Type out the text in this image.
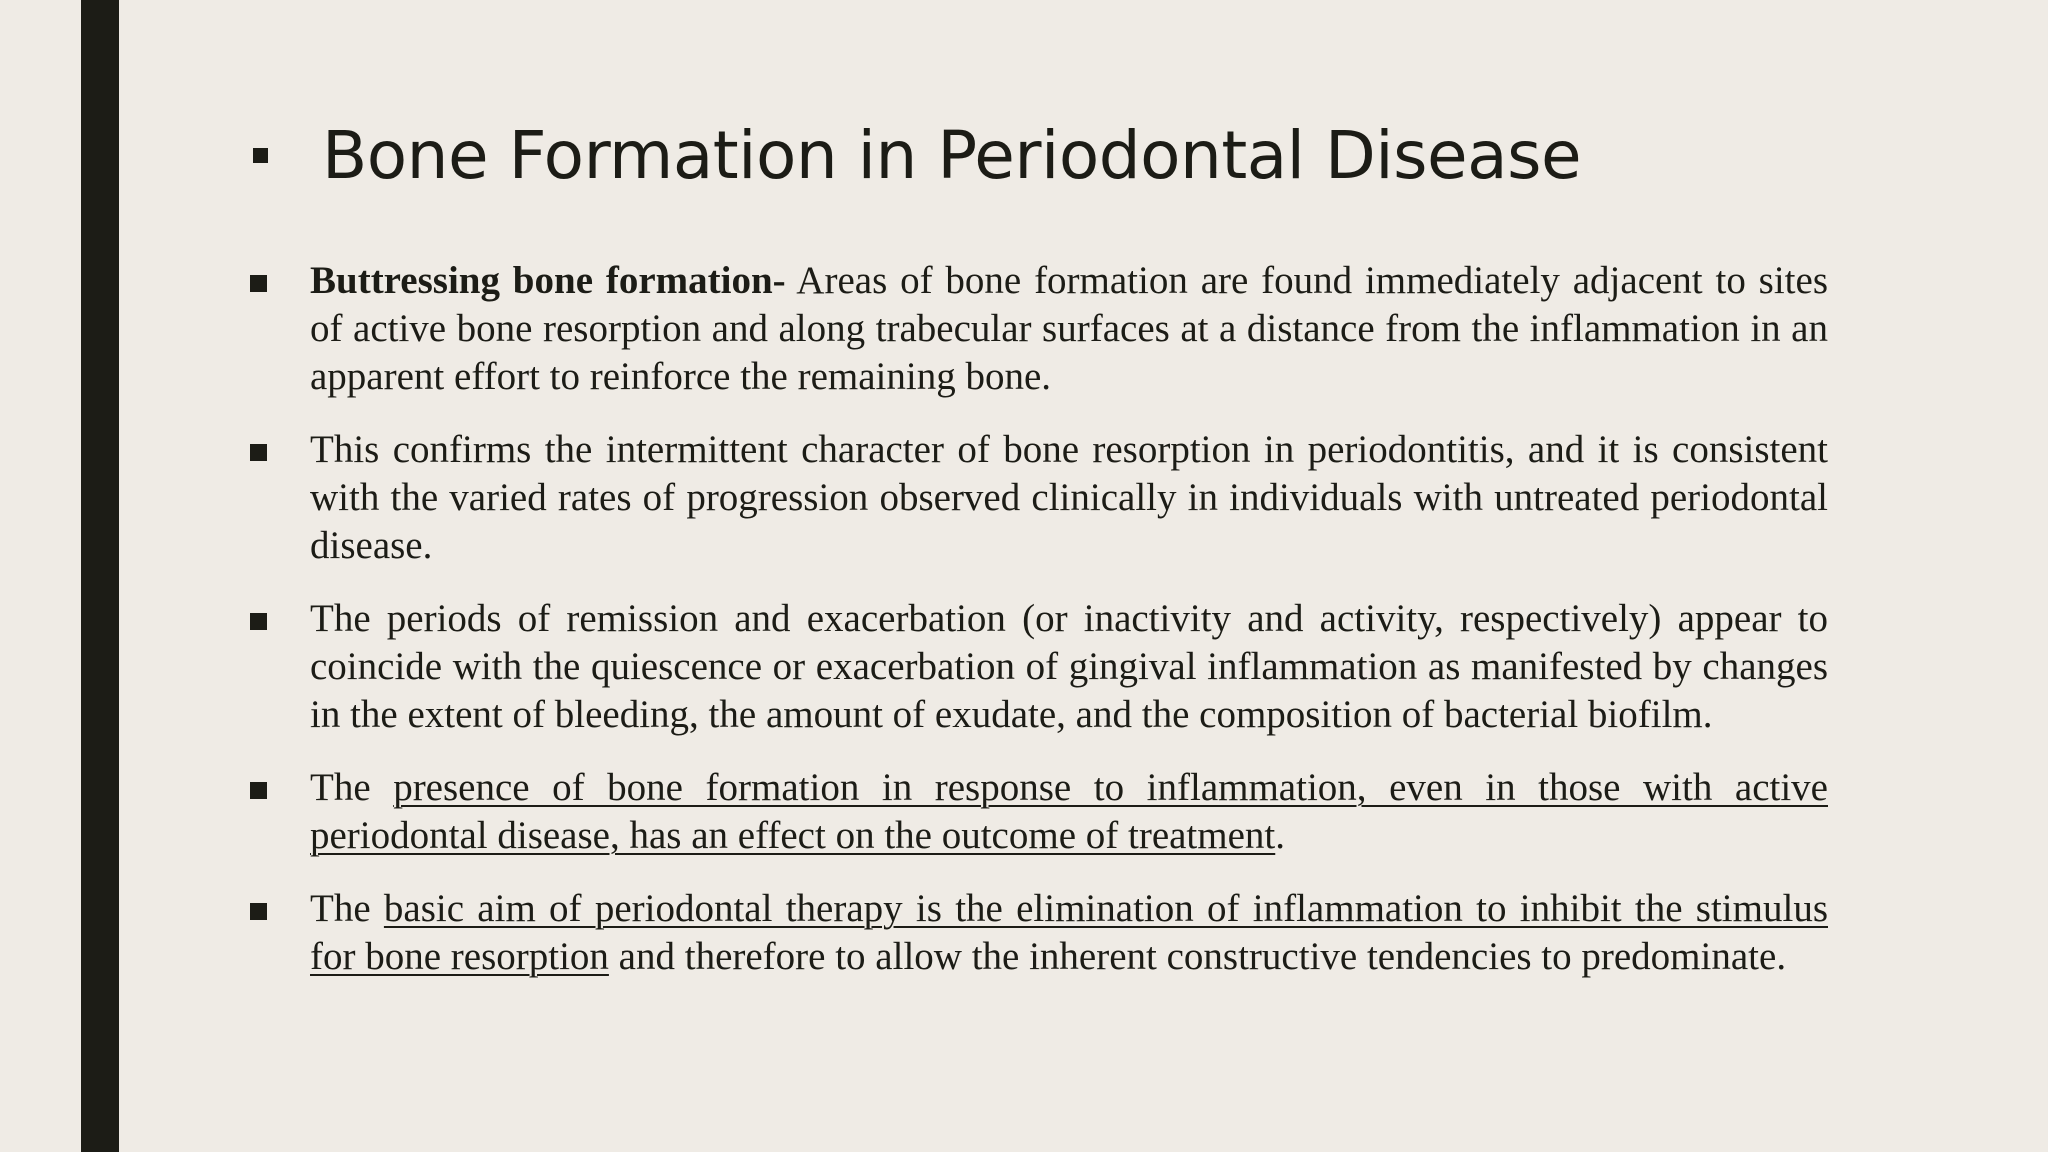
Bone Formation in Periodontal Disease

Buttressing bone formation- Areas of bone formation are found immediately adjacent to sites of active bone resorption and along trabecular surfaces at a distance from the inflammation in an apparent effort to reinforce the remaining bone.

This confirms the intermittent character of bone resorption in periodontitis, and it is consistent with the varied rates of progression observed clinically in individuals with untreated periodontal disease.

The periods of remission and exacerbation (or inactivity and activity, respectively) appear to coincide with the quiescence or exacerbation of gingival inflammation as manifested by changes in the extent of bleeding, the amount of exudate, and the composition of bacterial biofilm.

The presence of bone formation in response to inflammation, even in those with active periodontal disease, has an effect on the outcome of treatment.

The basic aim of periodontal therapy is the elimination of inflammation to inhibit the stimulus for bone resorption and therefore to allow the inherent constructive tendencies to predominate.
